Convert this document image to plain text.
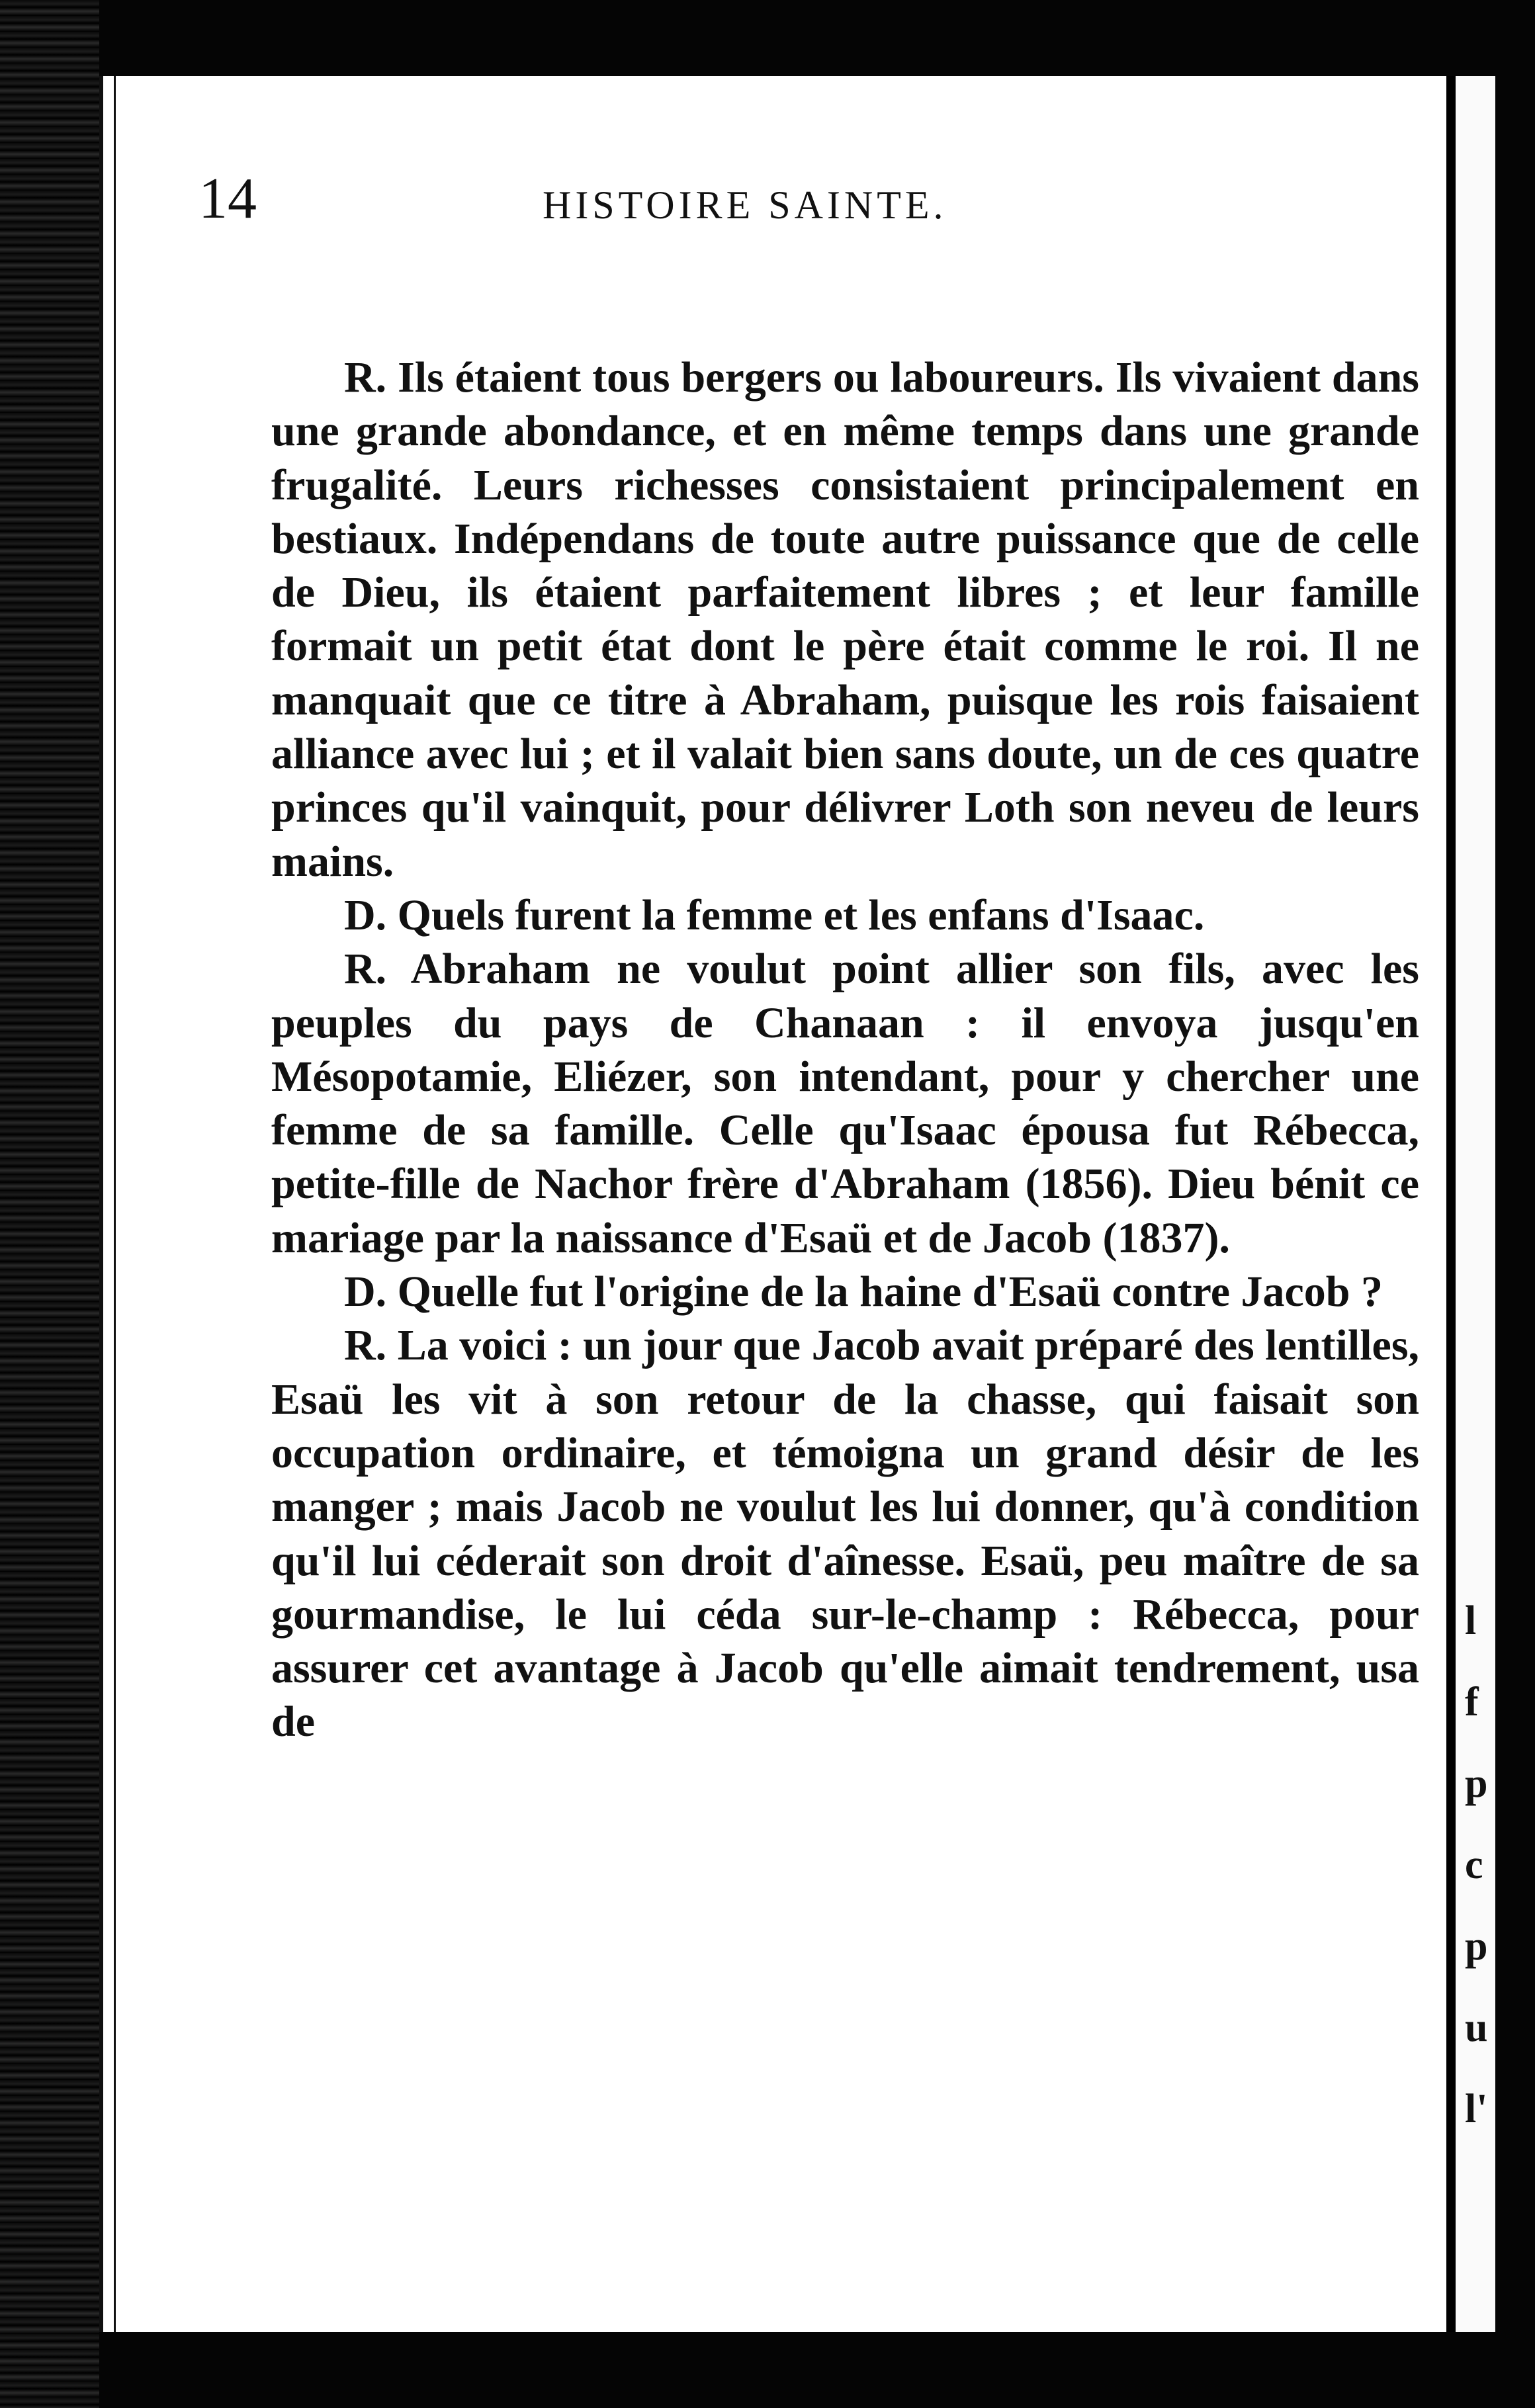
l
f
p
c
p
u
l'
14	HISTOIRE SAINTE.

R. Ils étaient tous bergers ou laboureurs. Ils vivaient dans une grande abondance, et en même temps dans une grande frugalité. Leurs richesses consistaient principalement en bestiaux. Indépendans de toute autre puissance que de celle de Dieu, ils étaient parfaitement libres ; et leur famille formait un petit état dont le père était comme le roi. Il ne manquait que ce titre à Abraham, puisque les rois faisaient alliance avec lui ; et il valait bien sans doute, un de ces quatre princes qu'il vainquit, pour délivrer Loth son neveu de leurs mains.

D. Quels furent la femme et les enfans d'Isaac.

R. Abraham ne voulut point allier son fils, avec les peuples du pays de Chanaan : il envoya jusqu'en Mésopotamie, Eliézer, son intendant, pour y chercher une femme de sa famille. Celle qu'Isaac épousa fut Rébecca, petite-fille de Nachor frère d'Abraham (1856). Dieu bénit ce mariage par la naissance d'Esaü et de Jacob (1837).

D. Quelle fut l'origine de la haine d'Esaü contre Jacob ?

R. La voici : un jour que Jacob avait préparé des lentilles, Esaü les vit à son retour de la chasse, qui faisait son occupation ordinaire, et témoigna un grand désir de les manger ; mais Jacob ne voulut les lui donner, qu'à condition qu'il lui céderait son droit d'aînesse. Esaü, peu maître de sa gourmandise, le lui céda sur-le-champ : Rébecca, pour assurer cet avantage à Jacob qu'elle aimait tendrement, usa de
